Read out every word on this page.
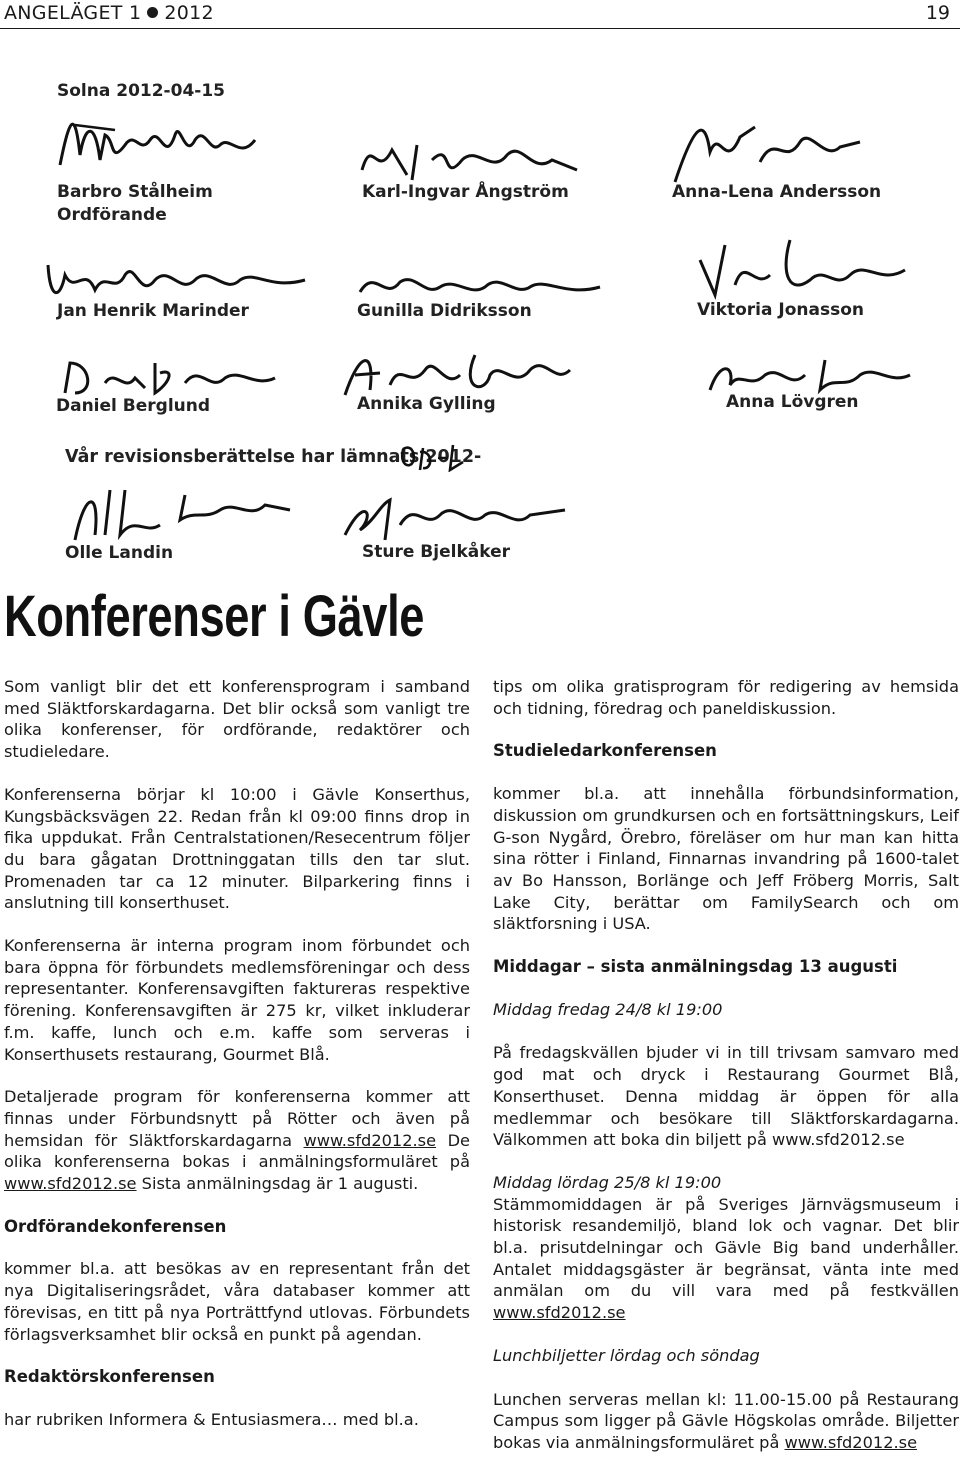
ANGELÄGET 1 2012	19
Solna 2012-04-15
Barbro Stålheim
Ordförande
Karl-Ingvar Ångström	Anna-Lena Andersson
Jan Henrik Marinder	Gunilla Didriksson	Viktoria Jonasson
Daniel Berglund	Annika Gylling	Anna Lövgren
Vår revisionsberättelse har lämnats 2012-
Olle Landin	Sture Bjelkåker
Konferenser i Gävle

Som vanligt blir det ett konferensprogram i samband med Släktforskardagarna. Det blir också som vanligt tre olika konferenser, för ordförande, redaktörer och studieledare.

Konferenserna börjar kl 10:00 i Gävle Konserthus, Kungsbäcksvägen 22. Redan från kl 09:00 finns drop in fika uppdukat. Från Centralstationen/Resecentrum följer du bara gågatan Drottninggatan tills den tar slut. Promenaden tar ca 12 minuter. Bilparkering finns i anslutning till konserthuset.

Konferenserna är interna program inom förbundet och bara öppna för förbundets medlemsföreningar och dess representanter. Konferensavgiften faktureras respektive förening. Konferensavgiften är 275 kr, vilket inkluderar f.m. kaffe, lunch och e.m. kaffe som serveras i Konserthusets restaurang, Gourmet Blå.

Detaljerade program för konferenserna kommer att finnas under Förbundsnytt på Rötter och även på hemsidan för Släktforskardagarna www.sfd2012.se De olika konferenserna bokas i anmälningsformuläret på www.sfd2012.se Sista anmälningsdag är 1 augusti.

Ordförandekonferensen

kommer bl.a. att besökas av en representant från det nya Digitaliseringsrådet, våra databaser kommer att förevisas, en titt på nya Porträttfynd utlovas. Förbundets förlagsverksamhet blir också en punkt på agendan.

Redaktörskonferensen

har rubriken Informera & Entusiasmera… med bl.a.

tips om olika gratisprogram för redigering av hemsida och tidning, föredrag och paneldiskussion.

Studieledarkonferensen

kommer bl.a. att innehålla förbundsinformation, diskussion om grundkursen och en fortsättningskurs, Leif G-son Nygård, Örebro, föreläser om hur man kan hitta sina rötter i Finland, Finnarnas invandring på 1600-talet av Bo Hansson, Borlänge och Jeff Fröberg Morris, Salt Lake City, berättar om FamilySearch och om släktforsning i USA.

Middagar – sista anmälningsdag 13 augusti

Middag fredag 24/8 kl 19:00

På fredagskvällen bjuder vi in till trivsam samvaro med god mat och dryck i Restaurang Gourmet Blå, Konserthuset. Denna middag är öppen för alla medlemmar och besökare till Släktforskardagarna. Välkommen att boka din biljett på www.sfd2012.se

Middag lördag 25/8 kl 19:00

Stämmomiddagen är på Sveriges Järnvägsmuseum i historisk resandemiljö, bland lok och vagnar. Det blir bl.a. prisutdelningar och Gävle Big band underhåller. Antalet middagsgäster är begränsat, vänta inte med anmälan om du vill vara med på festkvällen www.sfd2012.se

Lunchbiljetter lördag och söndag

Lunchen serveras mellan kl: 11.00-15.00 på Restaurang Campus som ligger på Gävle Högskolas område. Biljetter bokas via anmälningsformuläret på www.sfd2012.se
